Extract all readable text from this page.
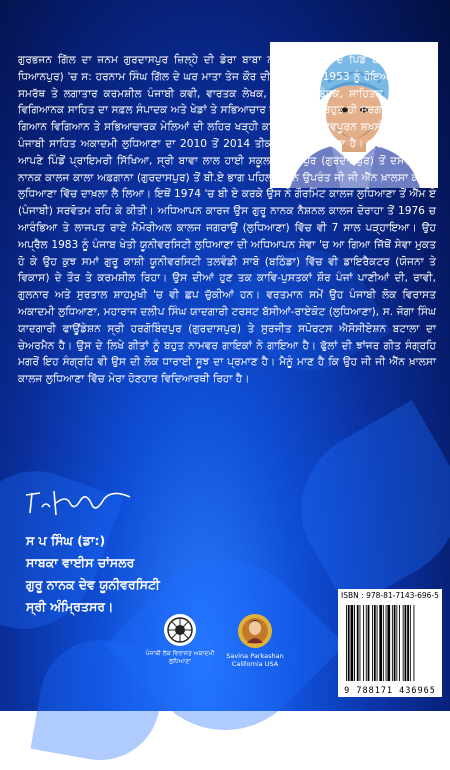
ਗੁਰਭਜਨ ਗਿੱਲ ਦਾ ਜਨਮ ਗੁਰਦਾਸਪੁਰ ਜ਼ਿਲ੍ਹੇ ਦੀ ਡੇਰਾ ਬਾਬਾ ਨਾਨਕ ਤਹਿਸੀਲ ਦੇ ਪਿੰਡ ਬਸੰਤ ਕੋਟ (ਨੇੜੇ ਧਿਆਨਪੁਰ) 'ਚ ਸ: ਹਰਨਾਮ ਸਿੰਘ ਗਿੱਲ ਦੇ ਘਰ ਮਾਤਾ ਤੇਜ ਕੌਰ ਦੀ ਕੁੱਖੋਂ 2 ਮਈ 1953 ਨੂੰ ਹੋਇਆ। ਗੁਰਭਜਨ ਸਮਰੱਥ ਤੇ ਲਗਾਤਾਰ ਕਰਮਸ਼ੀਲ ਪੰਜਾਬੀ ਕਵੀ, ਵਾਰਤਕ ਲੇਖਕ, ਸਮਰੱਥ ਪ੍ਰਬੰਧਕ, ਸਾਹਿਤਕ ਟਿੱਪਣੀਕਾਰ, ਵਿਗਿਆਨਕ ਸਾਹਿਤ ਦਾ ਸਫ਼ਲ ਸੰਪਾਦਕ ਅਤੇ ਖੇਡਾਂ ਤੇ ਸਭਿਆਚਾਰ ਦੇ ਖੇਤਰ ਵਿੱਚ ਬਹੁਤ ਹੀ ਸਰਗਰਮ ਕਾਮਾ ਹੈ। ਗਿਆਨ ਵਿਗਿਆਨ ਤੇ ਸਭਿਆਚਾਰਕ ਮੇਲਿਆਂ ਦੀ ਲਹਿਰ ਖੜ੍ਹੀ ਕਰਨ ਵਾਲੀ ਮਹੱਤਵਪੂਰਨ ਸ਼ਖ਼ਸੀਅਤ ਹੈ। ਉਹ ਪੰਜਾਬੀ ਸਾਹਿਤ ਅਕਾਦਮੀ ਲੁਧਿਆਣਾ ਦਾ 2010 ਤੋਂ 2014 ਤੀਕ ਪ੍ਰਧਾਨ ਵੀ ਰਿਹਾ ਹੈ। ਗੁਰਭਜਨ ਗਿੱਲ ਨੇ ਆਪਣੇ ਪਿੰਡੋਂ ਪ੍ਰਾਇਮਰੀ ਸਿੱਖਿਆ, ਸ੍ਰੀ ਬਾਵਾ ਲਾਲ ਹਾਈ ਸਕੂਲ ਧਿਆਨਪੁਰ (ਗੁਰਦਾਸਪੁਰ) ਤੋਂ ਦਸਵੀਂ, ਗੁਰੂ ਨਾਨਕ ਕਾਲਜ ਕਾਲਾ ਅਫ਼ਗਾਨਾ (ਗੁਰਦਾਸਪੁਰ) ਤੋਂ ਬੀ.ਏ ਭਾਗ ਪਹਿਲਾ ਕਰਨ ਉਪਰੰਤ ਜੀ ਜੀ ਐੱਨ ਖ਼ਾਲਸਾ ਕਾਲਜ ਲੁਧਿਆਣਾ ਵਿੱਚ ਦਾਖ਼ਲਾ ਲੈ ਲਿਆ। ਇਥੋਂ 1974 'ਚ ਬੀ ਏ ਕਰਕੇ ਉਸ ਨੇ ਗੌਰਮਿੰਟ ਕਾਲਜ ਲੁਧਿਆਣਾ ਤੋਂ ਐੱਮ ਏ (ਪੰਜਾਬੀ) ਸਰਵੋਤਮ ਰਹਿ ਕੇ ਕੀਤੀ। ਅਧਿਆਪਨ ਕਾਰਜ ਉਸ ਗੁਰੂ ਨਾਨਕ ਨੈਸ਼ਨਲ ਕਾਲਜ ਦੋਰਾਹਾ ਤੋਂ 1976 ਚ ਆਰੰਭਿਆ ਤੇ ਲਾਜਪਤ ਰਾਏ ਮੈਮੋਰੀਅਲ ਕਾਲਜ ਜਗਰਾਉਂ (ਲੁਧਿਆਣਾ) ਵਿੱਚ ਵੀ 7 ਸਾਲ ਪੜ੍ਹਾਇਆ। ਉਹ ਅਪ੍ਰੈਲ 1983 ਨੂੰ ਪੰਜਾਬ ਖੇਤੀ ਯੂਨੀਵਰਸਿਟੀ ਲੁਧਿਆਣਾ ਦੀ ਅਧਿਆਪਨ ਸੇਵਾ 'ਚ ਆ ਗਿਆ ਜਿੱਥੋਂ ਸੇਵਾ ਮੁਕਤ ਹੋ ਕੇ ਉਹ ਕੁਝ ਸਮਾਂ ਗੁਰੂ ਕਾਸ਼ੀ ਯੂਨੀਵਰਸਿਟੀ ਤਲਵੰਡੀ ਸਾਬੋ (ਬਠਿੰਡਾ) ਵਿੱਚ ਵੀ ਡਾਇਰੈਕਟਰ (ਯੋਜਨਾ ਤੇ ਵਿਕਾਸ) ਦੇ ਤੌਰ ਤੇ ਕਰਮਸ਼ੀਲ ਰਿਹਾ। ਉਸ ਦੀਆਂ ਹੁਣ ਤਕ ਕਾਵਿ-ਪੁਸਤਕਾਂ ਸ਼ੌਰ ਪੰਜਾਂ ਪਾਣੀਆਂ ਦੀ, ਰਾਵੀ, ਗੁਲਨਾਰ ਅਤੇ ਸੁਰਤਾਲ ਸ਼ਾਹਮੁਖੀ 'ਚ ਵੀ ਛਪ ਚੁੱਕੀਆਂ ਹਨ। ਵਰਤਮਾਨ ਸਮੇਂ ਉਹ ਪੰਜਾਬੀ ਲੋਕ ਵਿਰਾਸਤ ਅਕਾਦਮੀ ਲੁਧਿਆਣਾ, ਮਹਾਰਾਜ ਦਲੀਪ ਸਿੰਘ ਯਾਦਗਾਰੀ ਟਰਸਟ ਬੱਸੀਆਂ-ਰਾਏਕੋਟ (ਲੁਧਿਆਣਾ), ਸ. ਜੋਗਾ ਸਿੰਘ ਯਾਦਗਾਰੀ ਫਾਊਂਡੇਸ਼ਨ ਸ੍ਰੀ ਹਰਗੋਬਿੰਦਪੁਰ (ਗੁਰਦਾਸਪੁਰ) ਤੇ ਸੁਰਜੀਤ ਸਪੋਰਟਸ ਐਸੋਸੀਏਸ਼ਨ ਬਟਾਲਾ ਦਾ ਚੇਅਰਮੈਨ ਹੈ। ਉਸ ਦੇ ਲਿਖੇ ਗੀਤਾਂ ਨੂੰ ਬਹੁਤ ਨਾਮਵਰ ਗਾਇਕਾਂ ਨੇ ਗਾਇਆ ਹੈ। ਫੁੱਲਾਂ ਦੀ ਝਾਂਜਰ ਗੀਤ ਸੰਗ੍ਰਹਿ ਮਗਰੋਂ ਇਹ ਸੰਗ੍ਰਹਿ ਵੀ ਉਸ ਦੀ ਲੋਕ ਧਾਰਾਈ ਸੂਝ ਦਾ ਪ੍ਰਮਾਣ ਹੈ। ਮੈਨੂੰ ਮਾਣ ਹੈ ਕਿ ਉਹ ਜੀ ਜੀ ਐੱਨ ਖ਼ਾਲਸਾ ਕਾਲਜ ਲੁਧਿਆਣਾ ਵਿੱਚ ਮੇਰਾ ਹੋਣਹਾਰ ਵਿਦਿਆਰਥੀ ਰਿਹਾ ਹੈ।
ਸ ਪ ਸਿੰਘ (ਡਾ:)
ਸਾਬਕਾ ਵਾਈਸ ਚਾਂਸਲਰ
ਗੁਰੂ ਨਾਨਕ ਦੇਵ ਯੂਨੀਵਰਸਿਟੀ
ਸ੍ਰੀ ਅੰਮ੍ਰਿਤਸਰ।
ਪੰਜਾਬੀ ਲੋਕ ਵਿਰਾਸਤ ਅਕਾਦਮੀ
ਲੁਧਿਆਣਾ
Savina Parkashan
California USA
ISBN : 978-81-7143-696-5
9 788171 436965
